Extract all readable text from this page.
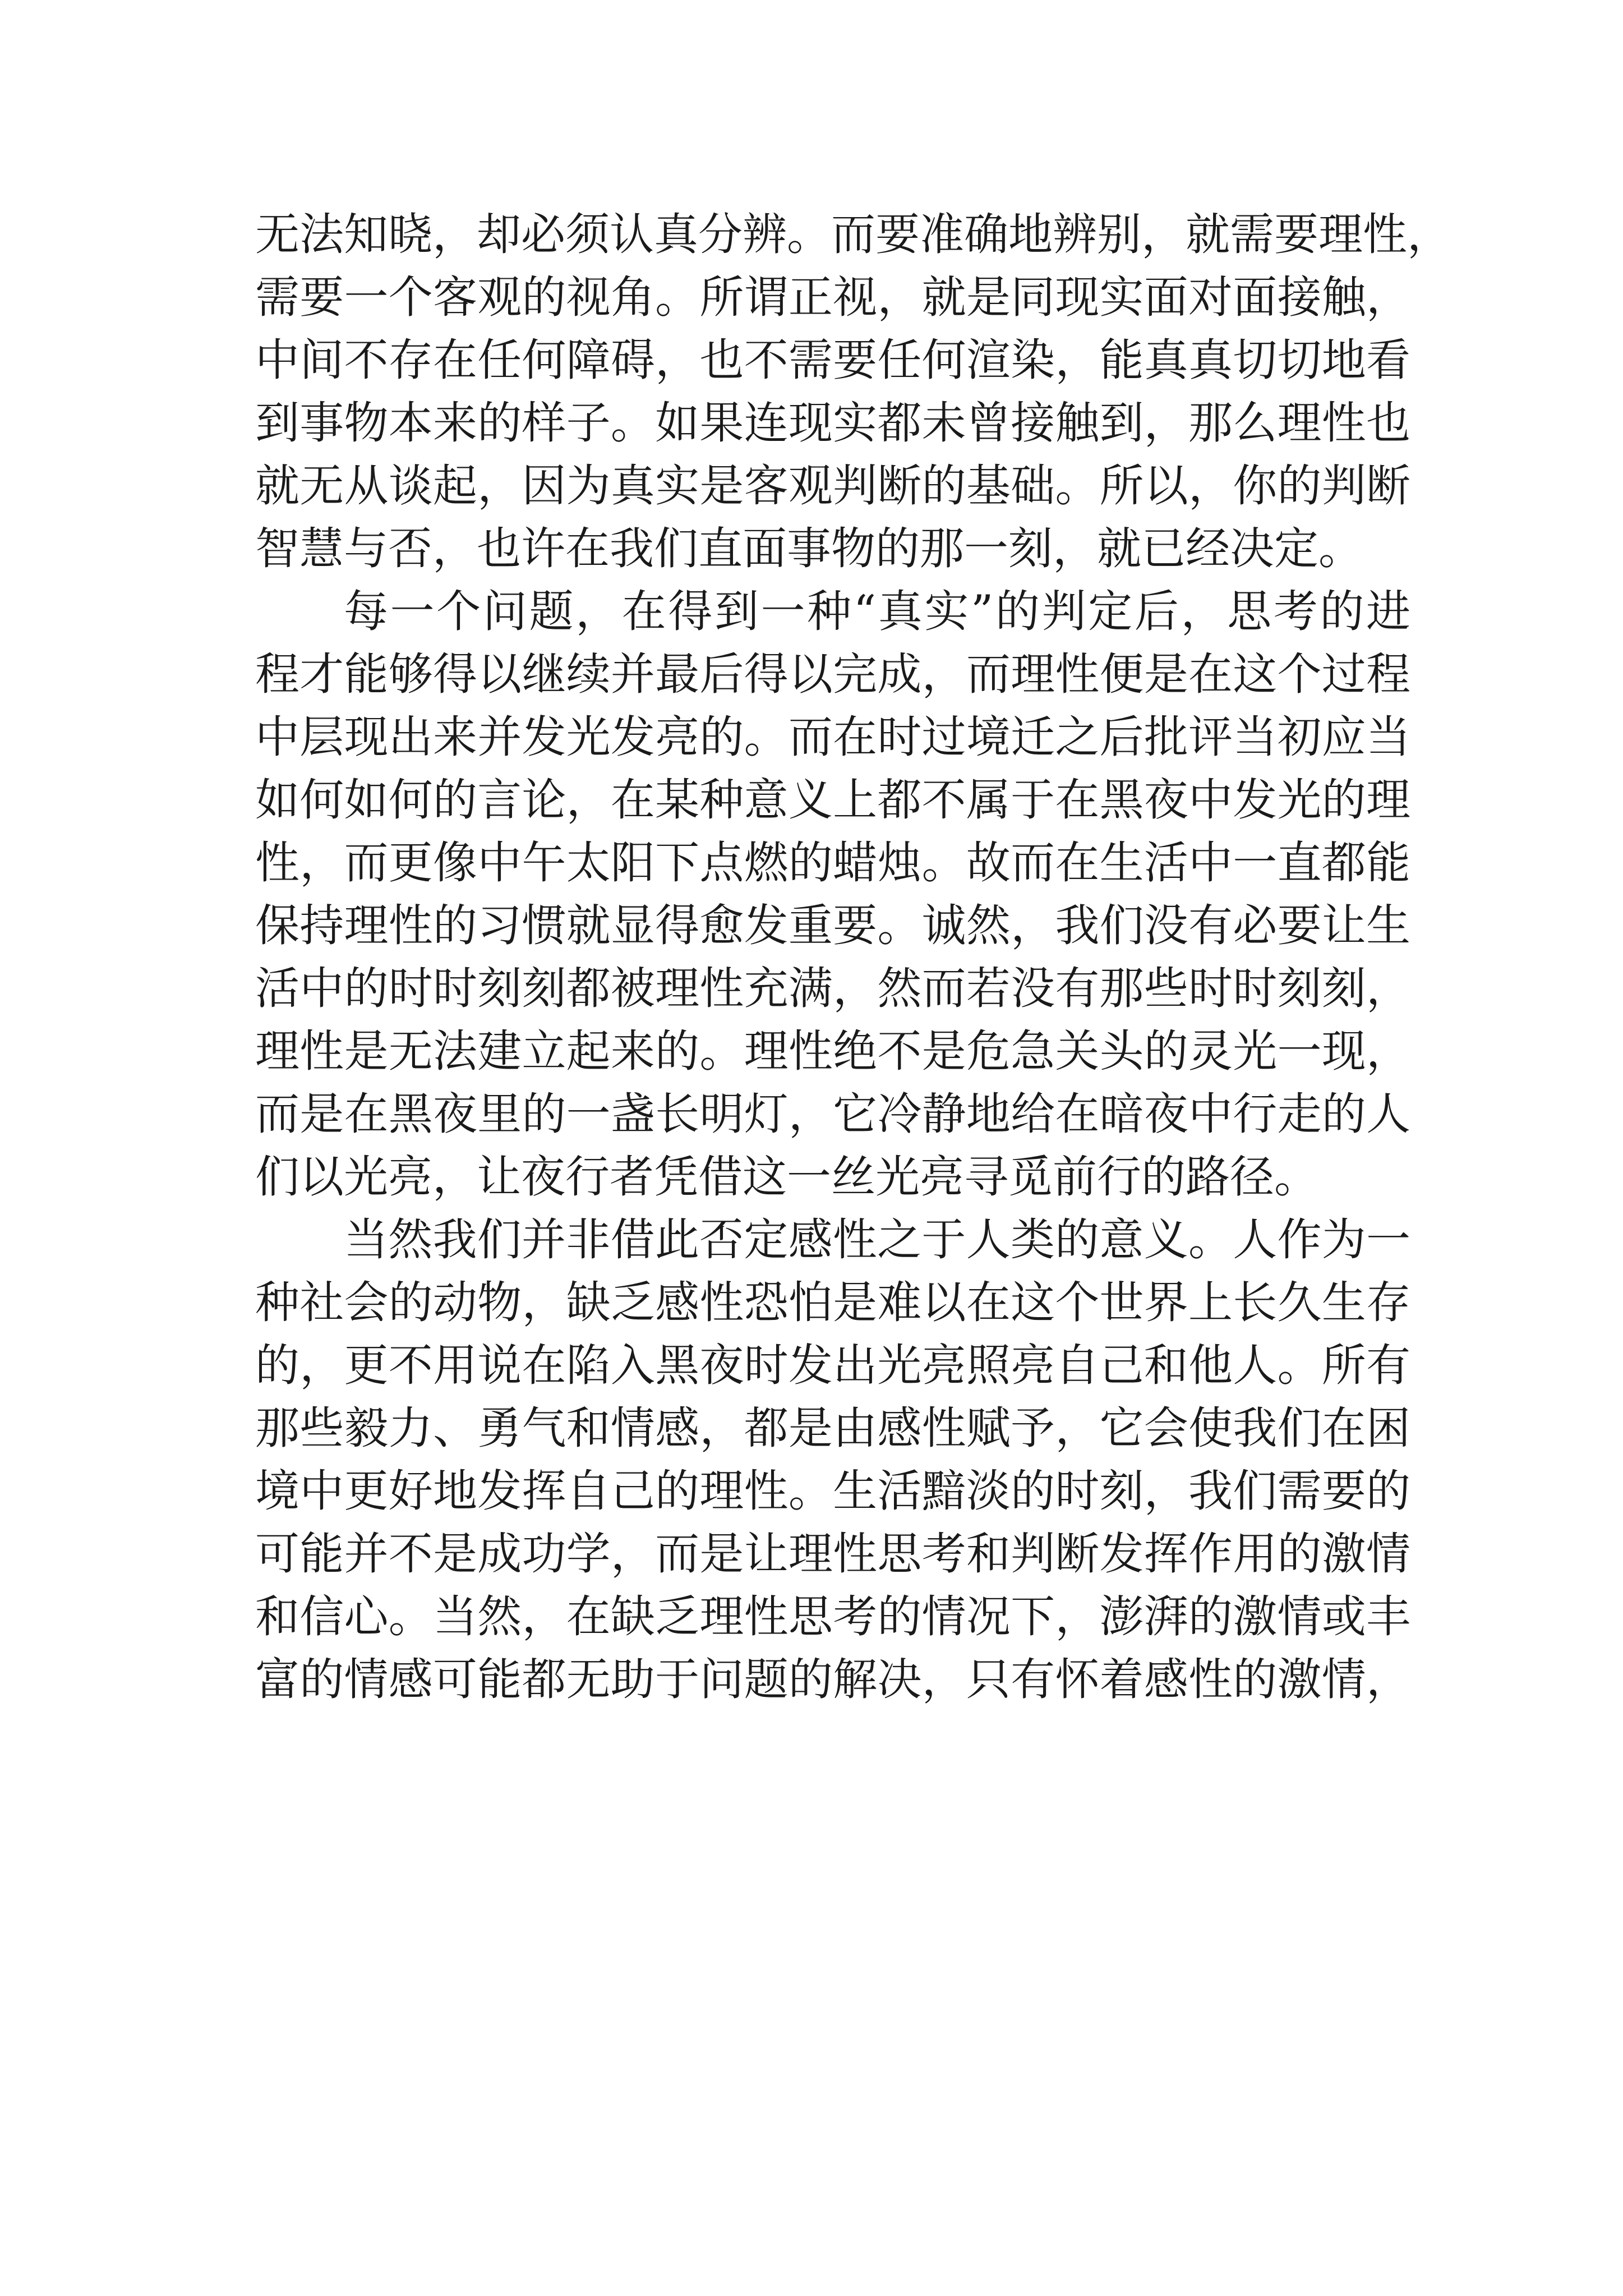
无法知晓，却必须认真分辨。而要准确地辨别，就需要理性，
需要一个客观的视角。所谓正视，就是同现实面对面接触，
中间不存在任何障碍，也不需要任何渲染，能真真切切地看
到事物本来的样子。如果连现实都未曾接触到，那么理性也
就无从谈起，因为真实是客观判断的基础。所以，你的判断
智慧与否，也许在我们直面事物的那一刻，就已经决定。
每一个问题，在得到一种“真实”的判定后，思考的进
程才能够得以继续并最后得以完成，而理性便是在这个过程
中层现出来并发光发亮的。而在时过境迁之后批评当初应当
如何如何的言论，在某种意义上都不属于在黑夜中发光的理
性，而更像中午太阳下点燃的蜡烛。故而在生活中一直都能
保持理性的习惯就显得愈发重要。诚然，我们没有必要让生
活中的时时刻刻都被理性充满，然而若没有那些时时刻刻，
理性是无法建立起来的。理性绝不是危急关头的灵光一现，
而是在黑夜里的一盏长明灯，它冷静地给在暗夜中行走的人
们以光亮，让夜行者凭借这一丝光亮寻觅前行的路径。
当然我们并非借此否定感性之于人类的意义。人作为一
种社会的动物，缺乏感性恐怕是难以在这个世界上长久生存
的，更不用说在陷入黑夜时发出光亮照亮自己和他人。所有
那些毅力、勇气和情感，都是由感性赋予，它会使我们在困
境中更好地发挥自己的理性。生活黯淡的时刻，我们需要的
可能并不是成功学，而是让理性思考和判断发挥作用的激情
和信心。当然，在缺乏理性思考的情况下，澎湃的激情或丰
富的情感可能都无助于问题的解决，只有怀着感性的激情，
